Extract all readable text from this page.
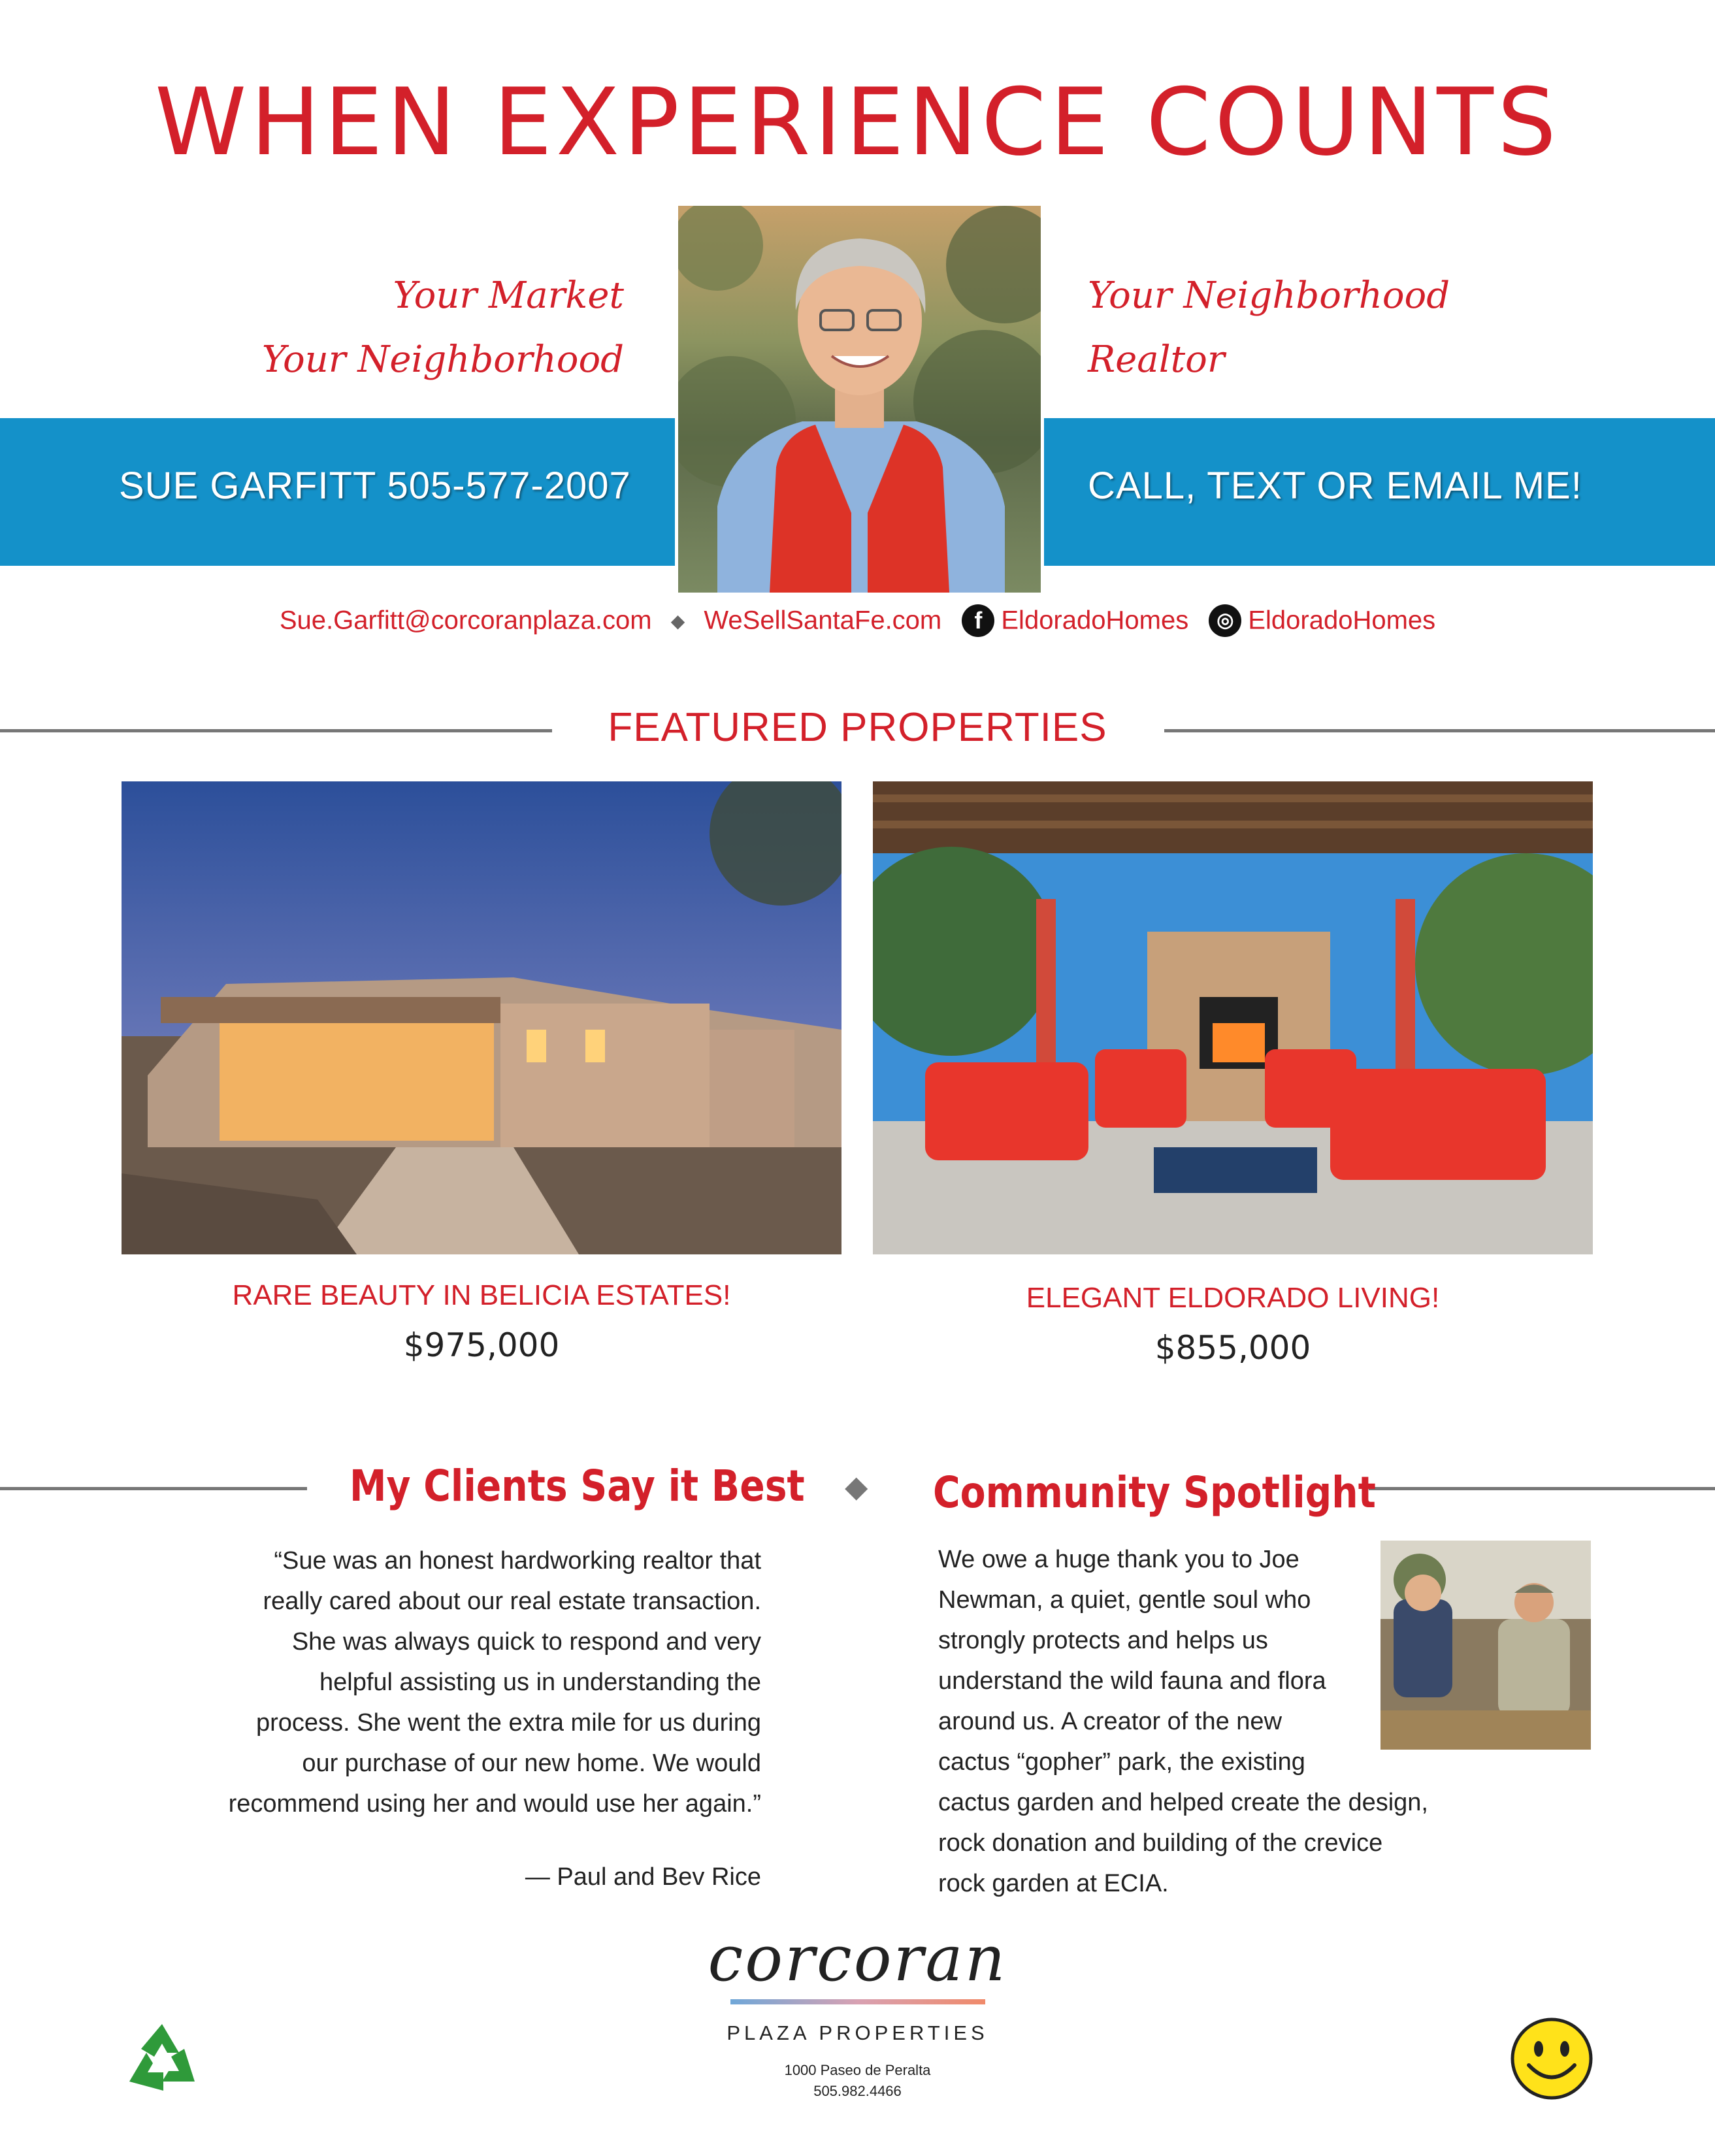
WHEN EXPERIENCE COUNTS
Your Market
Your Neighborhood
Your Neighborhood
Realtor
SUE GARFITT 505-577-2007	CALL, TEXT OR EMAIL ME!
Sue.Garfitt@corcoranplaza.com ◆ WeSellSantaFe.com f EldoradoHomes ◎ EldoradoHomes
FEATURED PROPERTIES
RARE BEAUTY IN BELICIA ESTATES!
$975,000
ELEGANT ELDORADO LIVING!
$855,000
My Clients Say it Best ◆ Community Spotlight
“Sue was an honest hardworking realtor that
really cared about our real estate transaction.
She was always quick to respond and very
helpful assisting us in understanding the
process. She went the extra mile for us during
our purchase of our new home. We would
recommend using her and would use her again.”
— Paul and Bev Rice
We owe a huge thank you to Joe
Newman, a quiet, gentle soul who
strongly protects and helps us
understand the wild fauna and flora
around us. A creator of the new
cactus “gopher” park, the existing
cactus garden and helped create the design,
rock donation and building of the crevice
rock garden at ECIA.
corcoran
PLAZA PROPERTIES
1000 Paseo de Peralta
505.982.4466
